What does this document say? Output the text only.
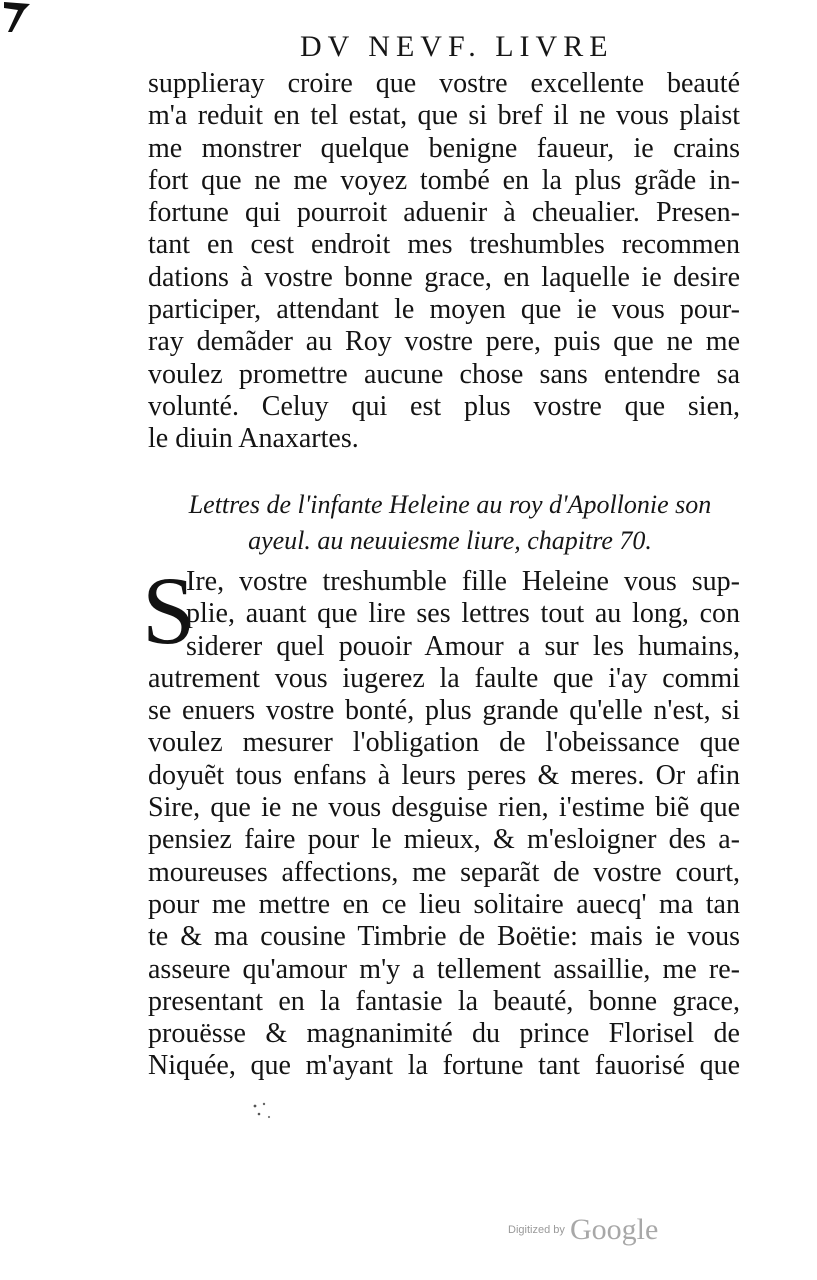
DV NEVF. LIVRE
supplieray croire que vostre excellente beauté
m'a reduit en tel estat, que si bref il ne vous plaist
me monstrer quelque benigne faueur, ie crains
fort que ne me voyez tombé en la plus grãde in-
fortune qui pourroit aduenir à cheualier. Presen-
tant en cest endroit mes treshumbles recommen
dations à vostre bonne grace, en laquelle ie desire
participer, attendant le moyen que ie vous pour-
ray demãder au Roy vostre pere, puis que ne me
voulez promettre aucune chose sans entendre sa
volunté. Celuy qui est plus vostre que sien,
le diuin Anaxartes.
Lettres de l'infante Heleine au roy d'Apollonie son
ayeul. au neuuiesme liure, chapitre 70.
S
Ire, vostre treshumble fille Heleine vous sup-
plie, auant que lire ses lettres tout au long, con
siderer quel pouoir Amour a sur les humains,
autrement vous iugerez la faulte que i'ay commi
se enuers vostre bonté, plus grande qu'elle n'est, si
voulez mesurer l'obligation de l'obeissance que
doyuẽt tous enfans à leurs peres & meres. Or afin
Sire, que ie ne vous desguise rien, i'estime biẽ que
pensiez faire pour le mieux, & m'esloigner des a-
moureuses affections, me separãt de vostre court,
pour me mettre en ce lieu solitaire auecq' ma tan
te & ma cousine Timbrie de Boëtie: mais ie vous
asseure qu'amour m'y a tellement assaillie, me re-
presentant en la fantasie la beauté, bonne grace,
prouësse & magnanimité du prince Florisel de
Niquée, que m'ayant la fortune tant fauorisé que
Digitized by Google
